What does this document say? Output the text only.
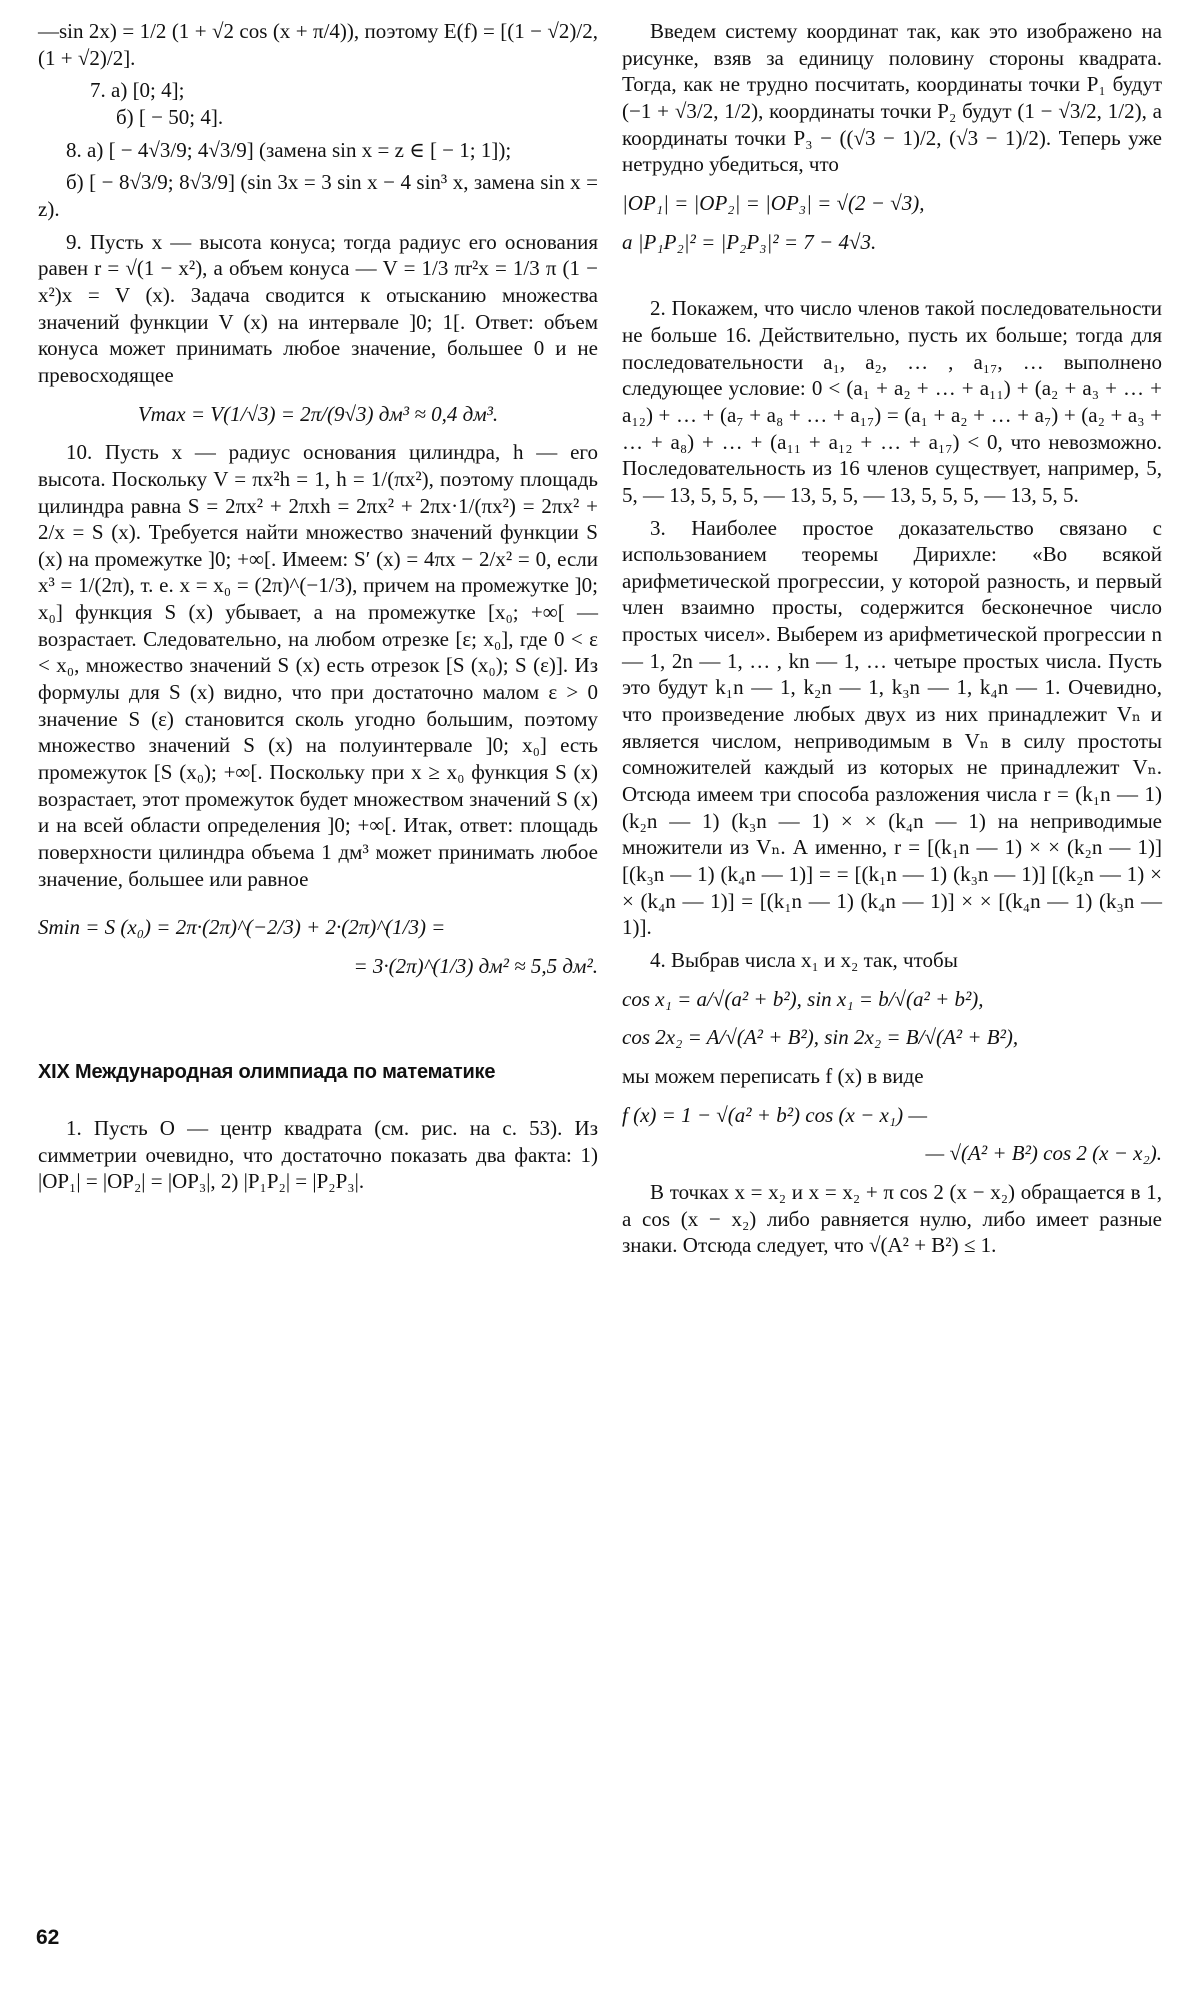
—sin 2x) = 1/2 (1 + √2 cos (x + π/4)), поэтому E(f) = [(1 − √2)/2, (1 + √2)/2].

7. а) [0; 4];

б) [ − 50; 4].

8. а) [ − 4√3/9; 4√3/9] (замена sin x = z ∈ [ − 1; 1]);

б) [ − 8√3/9; 8√3/9] (sin 3x = 3 sin x − 4 sin³ x, замена sin x = z).

9. Пусть x — высота конуса; тогда радиус его основания равен r = √(1 − x²), а объем конуса — V = 1/3 πr²x = 1/3 π (1 − x²)x = V (x). Задача сводится к отысканию множества значений функции V (x) на интервале ]0; 1[. Ответ: объем конуса может принимать любое значение, большее 0 и не превосходящее

Vmax = V(1/√3) = 2π/(9√3) дм³ ≈ 0,4 дм³.

10. Пусть x — радиус основания цилиндра, h — его высота. Поскольку V = πx²h = 1, h = 1/(πx²), поэтому площадь цилиндра равна S = 2πx² + 2πxh = 2πx² + 2πx·1/(πx²) = 2πx² + 2/x = S (x). Требуется найти множество значений функции S (x) на промежутке ]0; +∞[. Имеем: S′ (x) = 4πx − 2/x² = 0, если x³ = 1/(2π), т. е. x = x₀ = (2π)^(−1/3), причем на промежутке ]0; x₀] функция S (x) убывает, а на промежутке [x₀; +∞[ — возрастает. Следовательно, на любом отрезке [ε; x₀], где 0 < ε < x₀, множество значений S (x) есть отрезок [S (x₀); S (ε)]. Из формулы для S (x) видно, что при достаточно малом ε > 0 значение S (ε) становится сколь угодно большим, поэтому множество значений S (x) на полуинтервале ]0; x₀] есть промежуток [S (x₀); +∞[. Поскольку при x ≥ x₀ функция S (x) возрастает, этот промежуток будет множеством значений S (x) и на всей области определения ]0; +∞[. Итак, ответ: площадь поверхности цилиндра объема 1 дм³ может принимать любое значение, большее или равное

Smin = S (x₀) = 2π·(2π)^(−2/3) + 2·(2π)^(1/3) =

= 3·(2π)^(1/3) дм² ≈ 5,5 дм².

XIX Международная олимпиада по математике

1. Пусть O — центр квадрата (см. рис. на с. 53). Из симметрии очевидно, что достаточно показать два факта: 1) |OP₁| = |OP₂| = |OP₃|, 2) |P₁P₂| = |P₂P₃|.

Введем систему координат так, как это изображено на рисунке, взяв за единицу половину стороны квадрата. Тогда, как не трудно посчитать, координаты точки P₁ будут (−1 + √3/2, 1/2), координаты точки P₂ будут (1 − √3/2, 1/2), а координаты точки P₃ − ((√3 − 1)/2, (√3 − 1)/2). Теперь уже нетрудно убедиться, что

|OP₁| = |OP₂| = |OP₃| = √(2 − √3),

а |P₁P₂|² = |P₂P₃|² = 7 − 4√3.

2. Покажем, что число членов такой последовательности не больше 16. Действительно, пусть их больше; тогда для последовательности a₁, a₂, … , a₁₇, … выполнено следующее условие: 0 < (a₁ + a₂ + … + a₁₁) + (a₂ + a₃ + … + a₁₂) + … + (a₇ + a₈ + … + a₁₇) = (a₁ + a₂ + … + a₇) + (a₂ + a₃ + … + a₈) + … + (a₁₁ + a₁₂ + … + a₁₇) < 0, что невозможно. Последовательность из 16 членов существует, например, 5, 5, — 13, 5, 5, 5, — 13, 5, 5, — 13, 5, 5, 5, — 13, 5, 5.

3. Наиболее простое доказательство связано с использованием теоремы Дирихле: «Во всякой арифметической прогрессии, у которой разность, и первый член взаимно просты, содержится бесконечное число простых чисел». Выберем из арифметической прогрессии n — 1, 2n — 1, … , kn — 1, … четыре простых числа. Пусть это будут k₁n — 1, k₂n — 1, k₃n — 1, k₄n — 1. Очевидно, что произведение любых двух из них принадлежит Vₙ и является числом, неприводимым в Vₙ в силу простоты сомножителей каждый из которых не принадлежит Vₙ. Отсюда имеем три способа разложения числа r = (k₁n — 1) (k₂n — 1) (k₃n — 1) × × (k₄n — 1) на неприводимые множители из Vₙ. А именно, r = [(k₁n — 1) × × (k₂n — 1)] [(k₃n — 1) (k₄n — 1)] = = [(k₁n — 1) (k₃n — 1)] [(k₂n — 1) × × (k₄n — 1)] = [(k₁n — 1) (k₄n — 1)] × × [(k₄n — 1) (k₃n — 1)].

4. Выбрав числа x₁ и x₂ так, чтобы

cos x₁ = a/√(a² + b²), sin x₁ = b/√(a² + b²),

cos 2x₂ = A/√(A² + B²), sin 2x₂ = B/√(A² + B²),

мы можем переписать f (x) в виде

f (x) = 1 − √(a² + b²) cos (x − x₁) —

— √(A² + B²) cos 2 (x − x₂).

В точках x = x₂ и x = x₂ + π cos 2 (x − x₂) обращается в 1, а cos (x − x₂) либо равняется нулю, либо имеет разные знаки. Отсюда следует, что √(A² + B²) ≤ 1.

62
